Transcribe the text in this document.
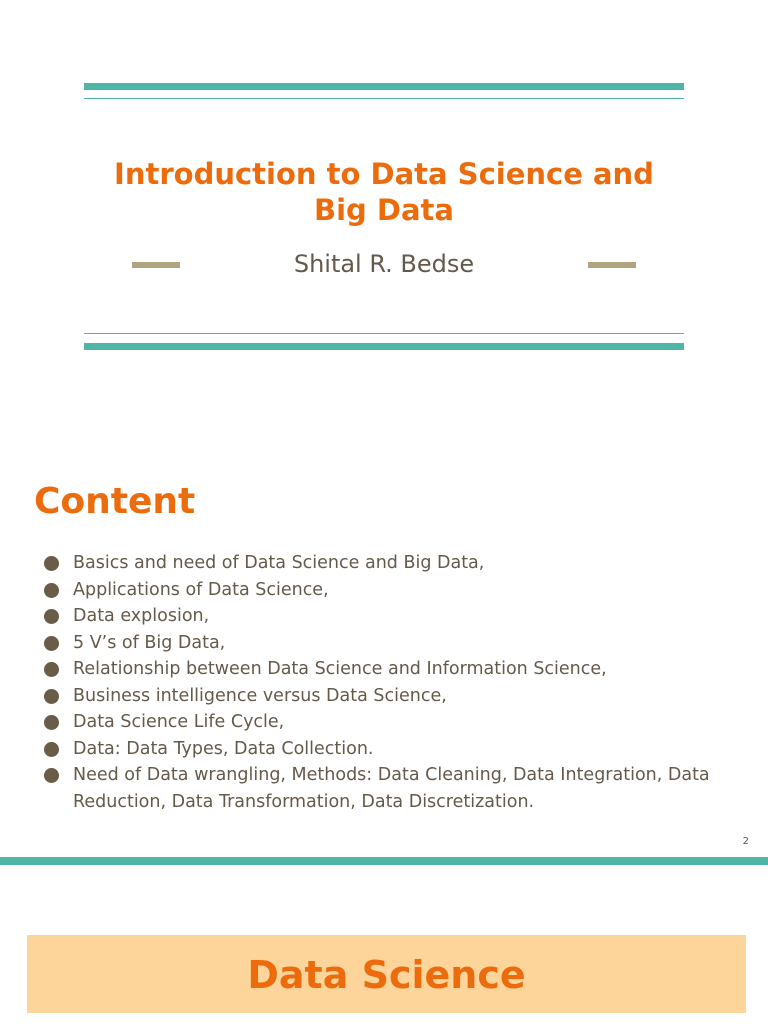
Introduction to Data Science and Big Data
Shital R. Bedse
Content
Basics and need of Data Science and Big Data,
Applications of Data Science,
Data explosion,
5 V’s of Big Data,
Relationship between Data Science and Information Science,
Business intelligence versus Data Science,
Data Science Life Cycle,
Data: Data Types, Data Collection.
Need of Data wrangling, Methods: Data Cleaning, Data Integration, Data Reduction, Data Transformation, Data Discretization.
2
Data Science
